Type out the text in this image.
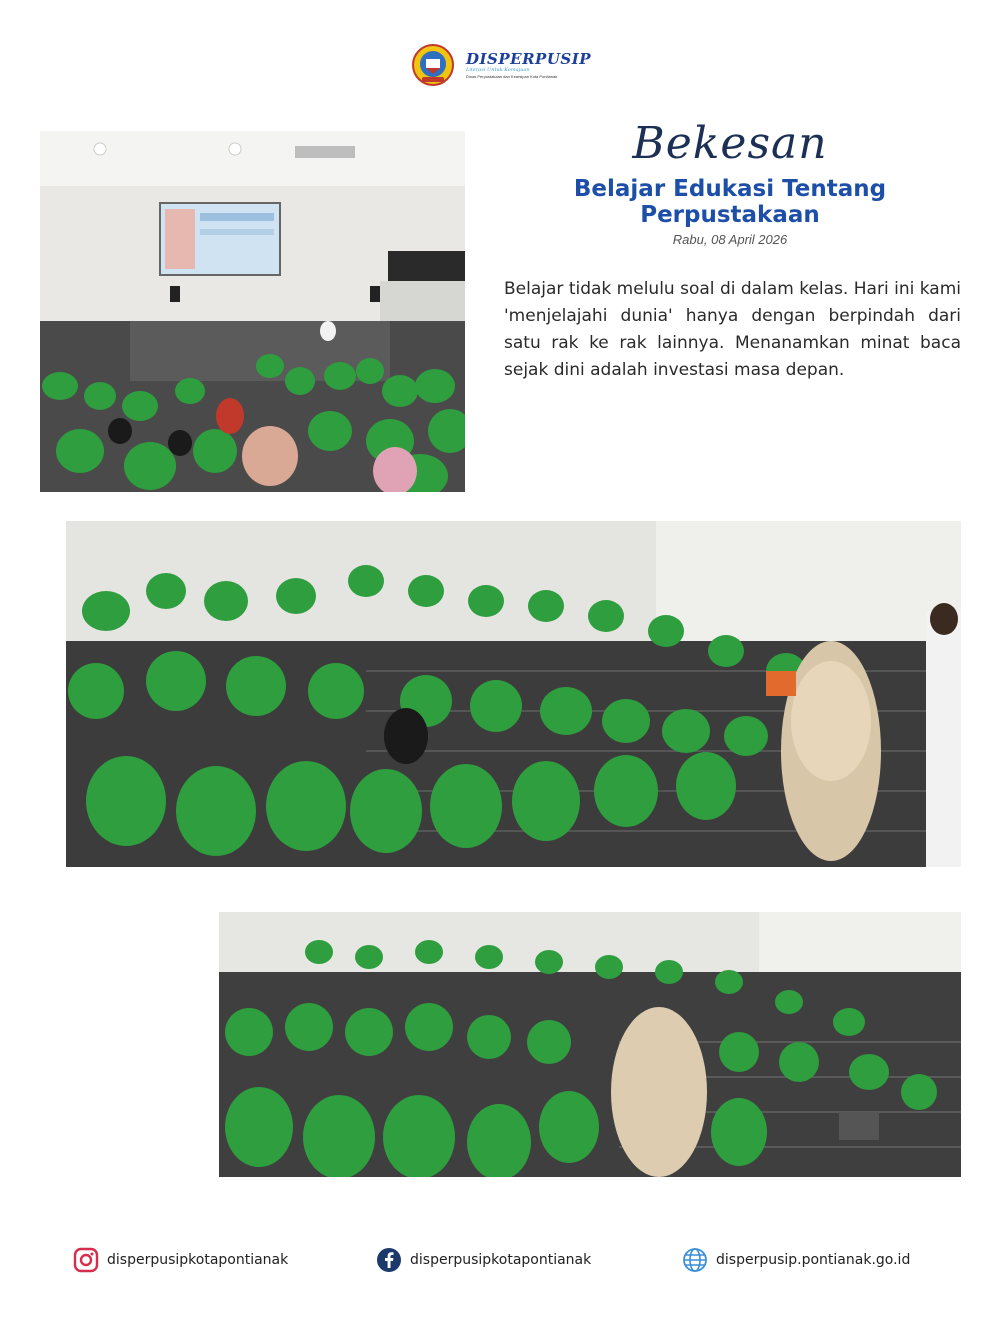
DISPERPUSIP
Literasi Untuk Kemajuan
Dinas Perpustakaan dan Kearsipan Kota Pontianak
Bekesan
Belajar Edukasi Tentang Perpustakaan
Rabu, 08 April 2026
Belajar tidak melulu soal di dalam kelas. Hari ini kami 'menjelajahi dunia' hanya dengan berpindah dari satu rak ke rak lainnya. Menanamkan minat baca sejak dini adalah investasi masa depan.
disperpusipkotapontianak	disperpusipkotapontianak	disperpusip.pontianak.go.id
